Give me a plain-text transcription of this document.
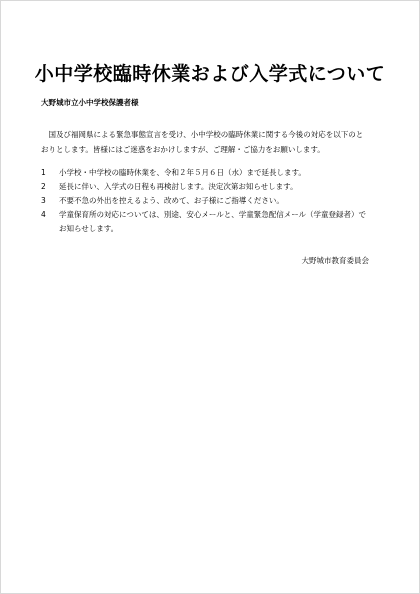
小中学校臨時休業および入学式について
大野城市立小中学校保護者様
　国及び福岡県による緊急事態宣言を受け、小中学校の臨時休業に関する今後の対応を以下のと
おりとします。皆様にはご迷惑をおかけしますが、ご理解・ご協力をお願いします。
1 小学校・中学校の臨時休業を、令和２年５月６日（水）まで延長します。
2 延長に伴い、入学式の日程も再検討します。決定次第お知らせします。
3 不要不急の外出を控えるよう、改めて、お子様にご指導ください。
4 学童保育所の対応については、別途、安心メールと、学童緊急配信メール（学童登録者）で
お知らせします。
大野城市教育委員会
